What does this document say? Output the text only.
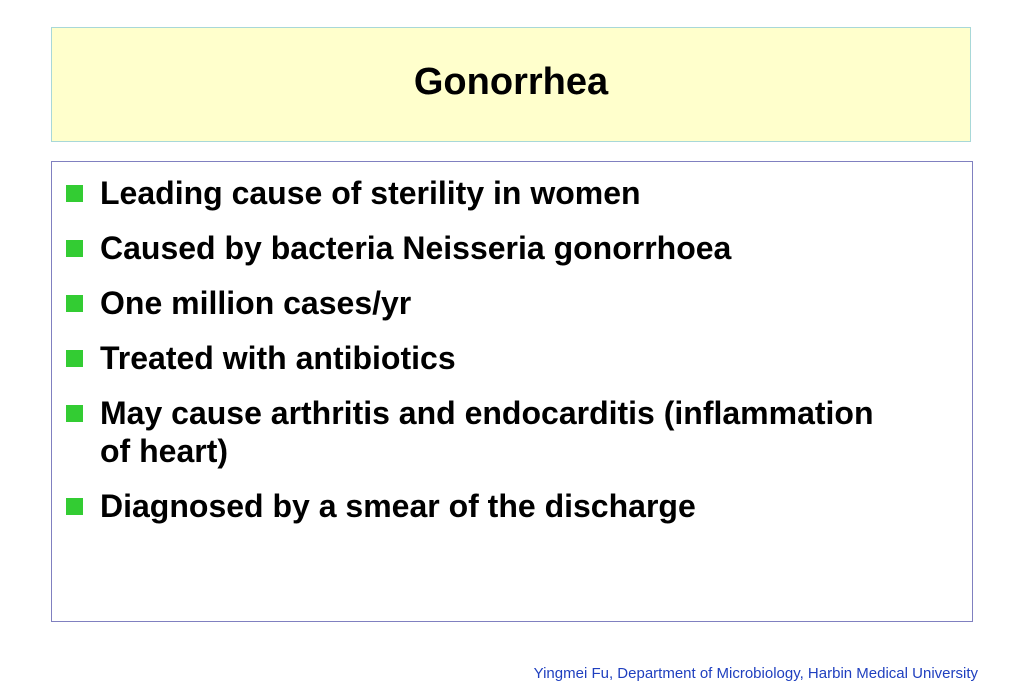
Gonorrhea
Leading cause of sterility in women
Caused by bacteria Neisseria gonorrhoea
One million cases/yr
Treated with antibiotics
May cause arthritis and endocarditis (inflammation of heart)
Diagnosed by a smear of the discharge
Yingmei Fu, Department of Microbiology, Harbin Medical University
